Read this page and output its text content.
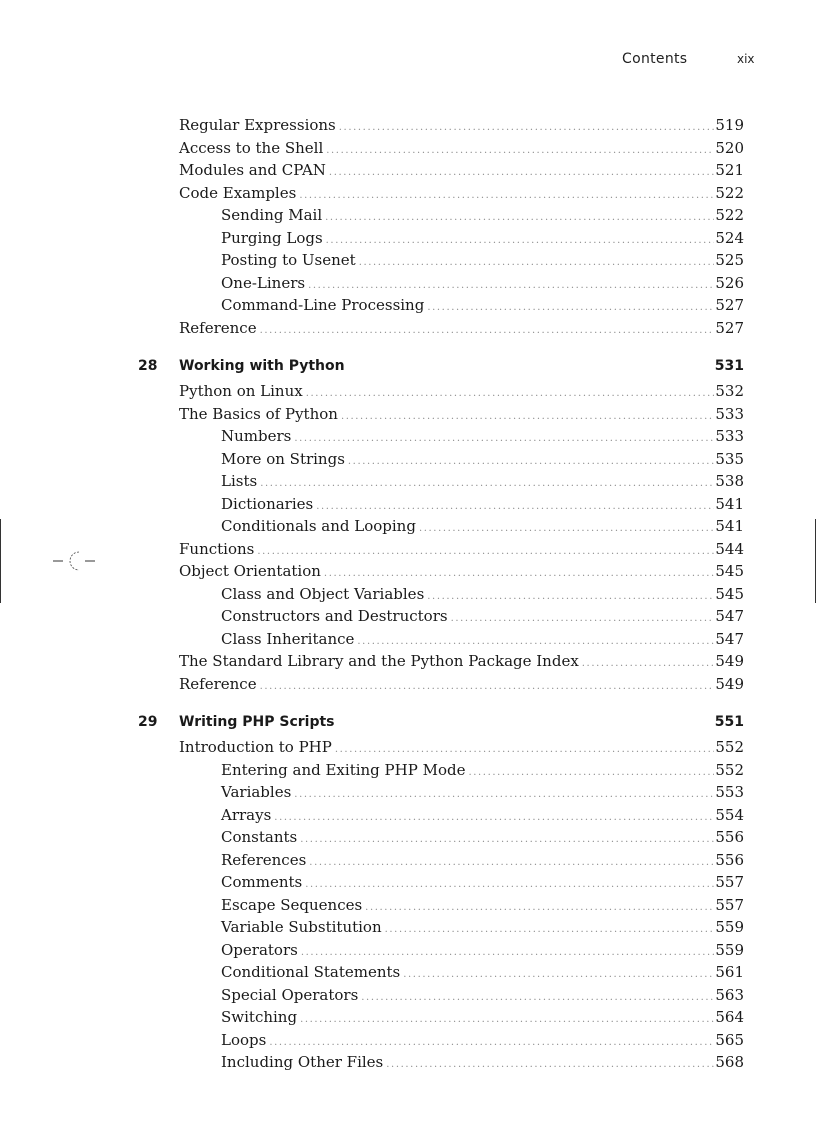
Contents	xix
Regular Expressions .....	519
Access to the Shell .....	520
Modules and CPAN .....	521
Code Examples .....	522
Sending Mail .....	522
Purging Logs .....	524
Posting to Usenet .....	525
One-Liners .....	526
Command-Line Processing .....	527
Reference .....	527
28 Working with Python	531
Python on Linux .....	532
The Basics of Python .....	533
Numbers .....	533
More on Strings .....	535
Lists .....	538
Dictionaries .....	541
Conditionals and Looping .....	541
Functions .....	544
Object Orientation .....	545
Class and Object Variables .....	545
Constructors and Destructors .....	547
Class Inheritance .....	547
The Standard Library and the Python Package Index .....	549
Reference .....	549
29 Writing PHP Scripts	551
Introduction to PHP .....	552
Entering and Exiting PHP Mode .....	552
Variables .....	553
Arrays .....	554
Constants .....	556
References .....	556
Comments .....	557
Escape Sequences .....	557
Variable Substitution .....	559
Operators .....	559
Conditional Statements .....	561
Special Operators .....	563
Switching .....	564
Loops .....	565
Including Other Files .....	568
